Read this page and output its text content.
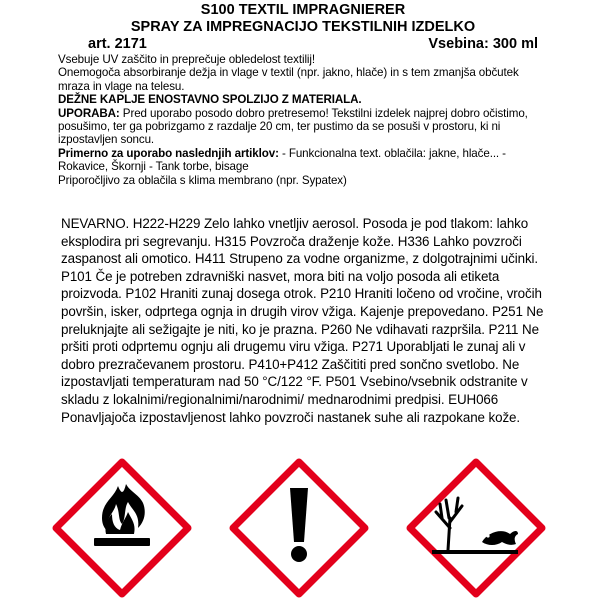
S100 TEXTIL IMPRAGNIERER

SPRAY ZA IMPREGNACIJO TEKSTILNIH IZDELKO

art. 2171	Vsebina: 300 ml

Vsebuje UV zaščito in preprečuje obledelost textilij!

Onemogoča absorbiranje dežja in vlage v textil (npr. jakno, hlače) in s tem zmanjša občutek mraza in vlage na telesu.

DEŽNE KAPLJE ENOSTAVNO SPOLZIJO Z MATERIALA.

UPORABA: Pred uporabo posodo dobro pretresemo! Tekstilni izdelek najprej dobro očistimo, posušimo, ter ga pobrizgamo z razdalje 20 cm, ter pustimo da se posuši v prostoru, ki ni izpostavljen soncu.

Primerno za uporabo naslednjih artiklov: - Funkcionalna text. oblačila: jakne, hlače... - Rokavice, Škornji - Tank torbe, bisage

Priporočljivo za oblačila s klima membrano (npr. Sypatex)

NEVARNO. H222-H229 Zelo lahko vnetljiv aerosol. Posoda je pod tlakom: lahko eksplodira pri segrevanju. H315 Povzroča draženje kože. H336 Lahko povzroči zaspanost ali omotico. H411 Strupeno za vodne organizme, z dolgotrajnimi učinki. P101 Če je potreben zdravniški nasvet, mora biti na voljo posoda ali etiketa proizvoda. P102 Hraniti zunaj dosega otrok. P210 Hraniti ločeno od vročine, vročih površin, isker, odprtega ognja in drugih virov vžiga. Kajenje prepovedano. P251 Ne preluknjajte ali sežigajte je niti, ko je prazna. P260 Ne vdihavati razpršila. P211 Ne pršiti proti odprtemu ognju ali drugemu viru vžiga. P271 Uporabljati le zunaj ali v dobro prezračevanem prostoru. P410+P412 Zaščititi pred sončno svetlobo. Ne izpostavljati temperaturam nad 50 °C/122 °F. P501 Vsebino/vsebnik odstranite v skladu z lokalnimi/regionalnimi/narodnimi/ mednarodnimi predpisi. EUH066 Ponavljajoča izpostavljenost lahko povzroči nastanek suhe ali razpokane kože.
